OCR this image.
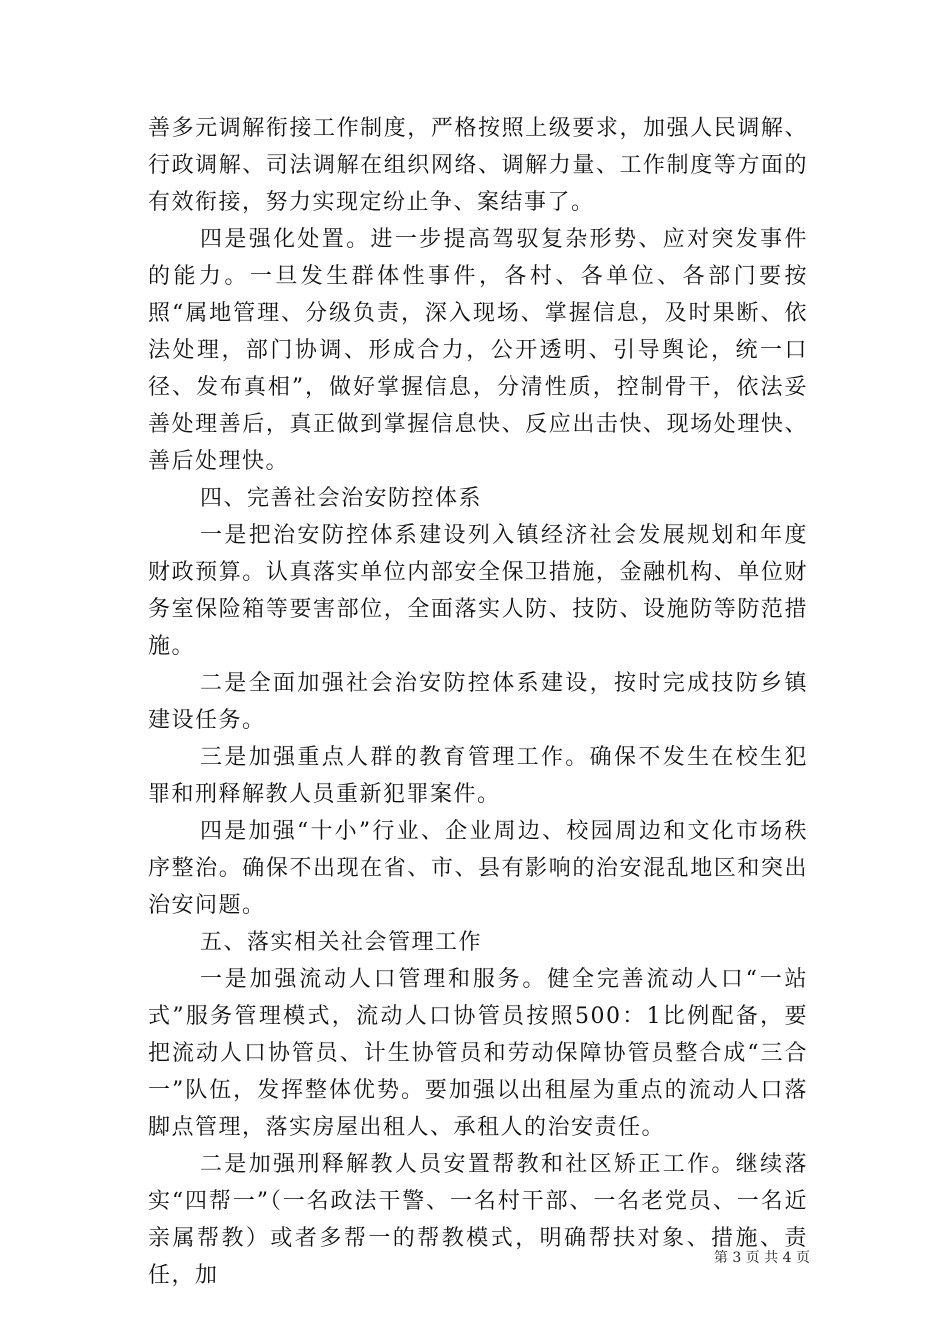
善多元调解衔接工作制度，严格按照上级要求，加强人民调解、行政调解、司法调解在组织网络、调解力量、工作制度等方面的有效衔接，努力实现定纷止争、案结事了。

四是强化处置。进一步提高驾驭复杂形势、应对突发事件的能力。一旦发生群体性事件，各村、各单位、各部门要按照“属地管理、分级负责，深入现场、掌握信息，及时果断、依法处理，部门协调、形成合力，公开透明、引导舆论，统一口径、发布真相”，做好掌握信息，分清性质，控制骨干，依法妥善处理善后，真正做到掌握信息快、反应出击快、现场处理快、善后处理快。

四、完善社会治安防控体系

一是把治安防控体系建设列入镇经济社会发展规划和年度财政预算。认真落实单位内部安全保卫措施，金融机构、单位财务室保险箱等要害部位，全面落实人防、技防、设施防等防范措施。

二是全面加强社会治安防控体系建设，按时完成技防乡镇建设任务。

三是加强重点人群的教育管理工作。确保不发生在校生犯罪和刑释解教人员重新犯罪案件。

四是加强“十小”行业、企业周边、校园周边和文化市场秩序整治。确保不出现在省、市、县有影响的治安混乱地区和突出治安问题。

五、落实相关社会管理工作

一是加强流动人口管理和服务。健全完善流动人口“一站式”服务管理模式，流动人口协管员按照500：1比例配备，要把流动人口协管员、计生协管员和劳动保障协管员整合成“三合一”队伍，发挥整体优势。要加强以出租屋为重点的流动人口落脚点管理，落实房屋出租人、承租人的治安责任。

二是加强刑释解教人员安置帮教和社区矫正工作。继续落实“四帮一”（一名政法干警、一名村干部、一名老党员、一名近亲属帮教）或者多帮一的帮教模式，明确帮扶对象、措施、责任，加

第 3 页 共 4 页
